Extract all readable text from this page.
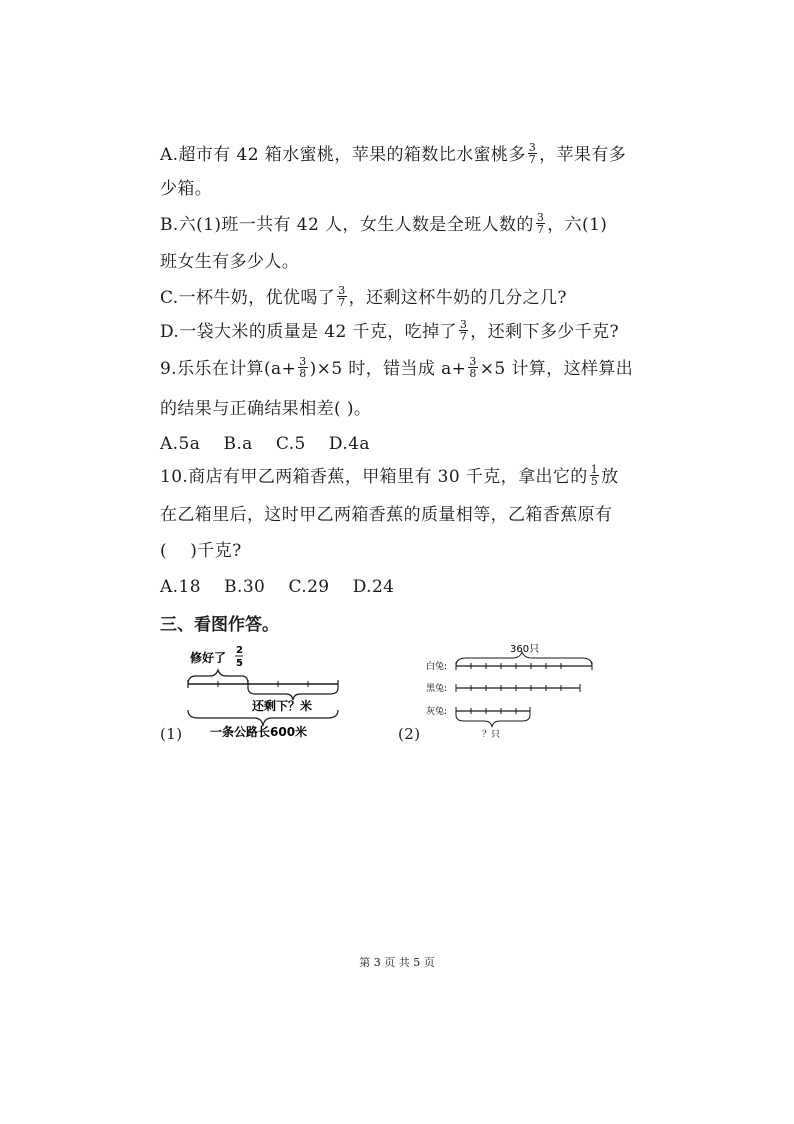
A.超市有 42 箱水蜜桃，苹果的箱数比水蜜桃多 $\frac{3}{7}$ ，苹果有多
少箱。
B.六(1)班一共有 42 人，女生人数是全班人数的 $\frac{3}{7}$ ，六(1)
班女生有多少人。
C.一杯牛奶，优优喝了 $\frac{3}{7}$ ，还剩这杯牛奶的几分之几?
D.一袋大米的质量是 42 千克，吃掉了 $\frac{3}{7}$ ，还剩下多少千克?
9.乐乐在计算$(a+ \frac{3}{8} )\times 5$ 时，错当成 $a+ \frac{3}{8} \times 5$ 计算，这样算出
的结果与正确结果相差( )。
A.5a    B.a    C.5    D.4a
10.商店有甲乙两箱香蕉，甲箱里有 30 千克，拿出它的 $\frac{1}{5}$ 放
在乙箱里后，这时甲乙两箱香蕉的质量相等，乙箱香蕉原有
(    )千克?
A.18    B.30    C.29    D.24
三、看图作答。
(1)
修好了
2
5
还剩下？米
一条公路长600米	(2)
360只
白兔:
黑兔:
灰兔:
？只
第 3 页 共 5 页
